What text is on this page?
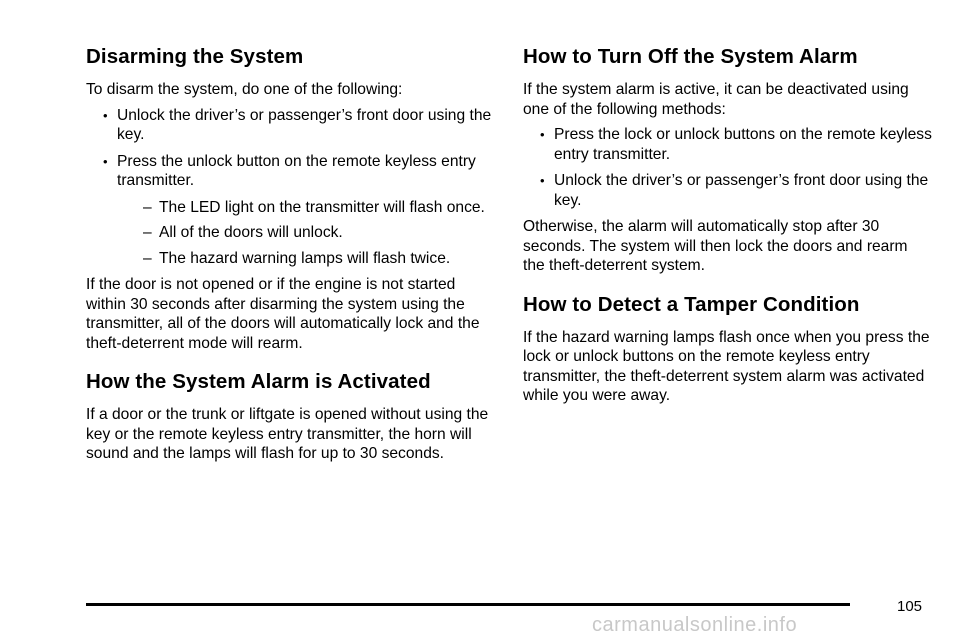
Disarming the System

To disarm the system, do one of the following:

• Unlock the driver’s or passenger’s front door using the key.
• Press the unlock button on the remote keyless entry transmitter.
– The LED light on the transmitter will flash once.
– All of the doors will unlock.
– The hazard warning lamps will flash twice.

If the door is not opened or if the engine is not started within 30 seconds after disarming the system using the transmitter, all of the doors will automatically lock and the theft-deterrent mode will rearm.

How the System Alarm is Activated

If a door or the trunk or liftgate is opened without using the key or the remote keyless entry transmitter, the horn will sound and the lamps will flash for up to 30 seconds.

How to Turn Off the System Alarm

If the system alarm is active, it can be deactivated using one of the following methods:

• Press the lock or unlock buttons on the remote keyless entry transmitter.
• Unlock the driver’s or passenger’s front door using the key.

Otherwise, the alarm will automatically stop after 30 seconds. The system will then lock the doors and rearm the theft-deterrent system.

How to Detect a Tamper Condition

If the hazard warning lamps flash once when you press the lock or unlock buttons on the remote keyless entry transmitter, the theft-deterrent system alarm was activated while you were away.

105
carmanualsonline.info
